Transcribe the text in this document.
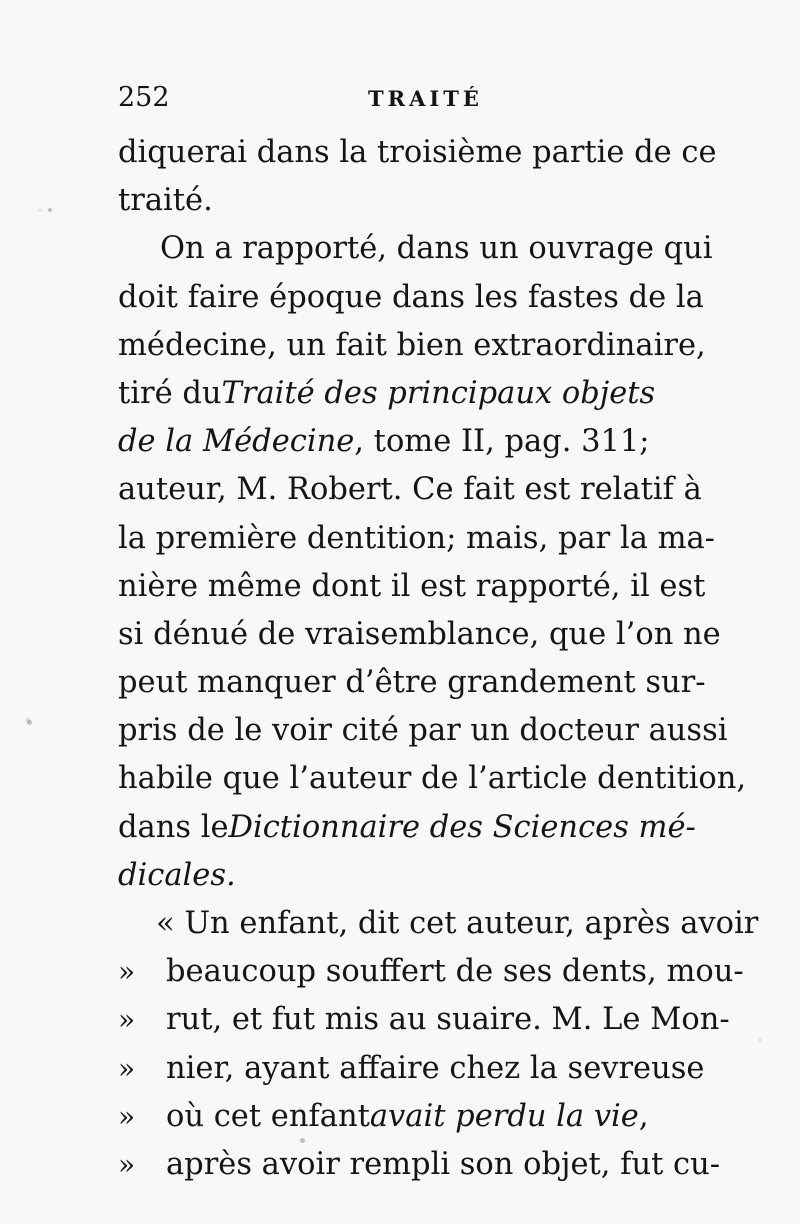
252	TRAITÉ
diquerai dans la troisième partie de ce
traité.
On a rapporté, dans un ouvrage qui
doit faire époque dans les fastes de la
médecine, un fait bien extraordinaire,
tiré du Traité des principaux objets
de la Médecine , tome II, pag. 311;
auteur, M. Robert. Ce fait est relatif à
la première dentition; mais, par la ma-
nière même dont il est rapporté, il est
si dénué de vraisemblance, que l’on ne
peut manquer d’être grandement sur-
pris de le voir cité par un docteur aussi
habile que l’auteur de l’article dentition,
dans le Dictionnaire des Sciences mé-
dicales.
« Un enfant, dit cet auteur, après avoir
»	beaucoup souffert de ses dents, mou-
»	rut, et fut mis au suaire. M. Le Mon-
»	nier, ayant affaire chez la sevreuse
»	où cet enfant avait perdu la vie ,
»	après avoir rempli son objet, fut cu-
